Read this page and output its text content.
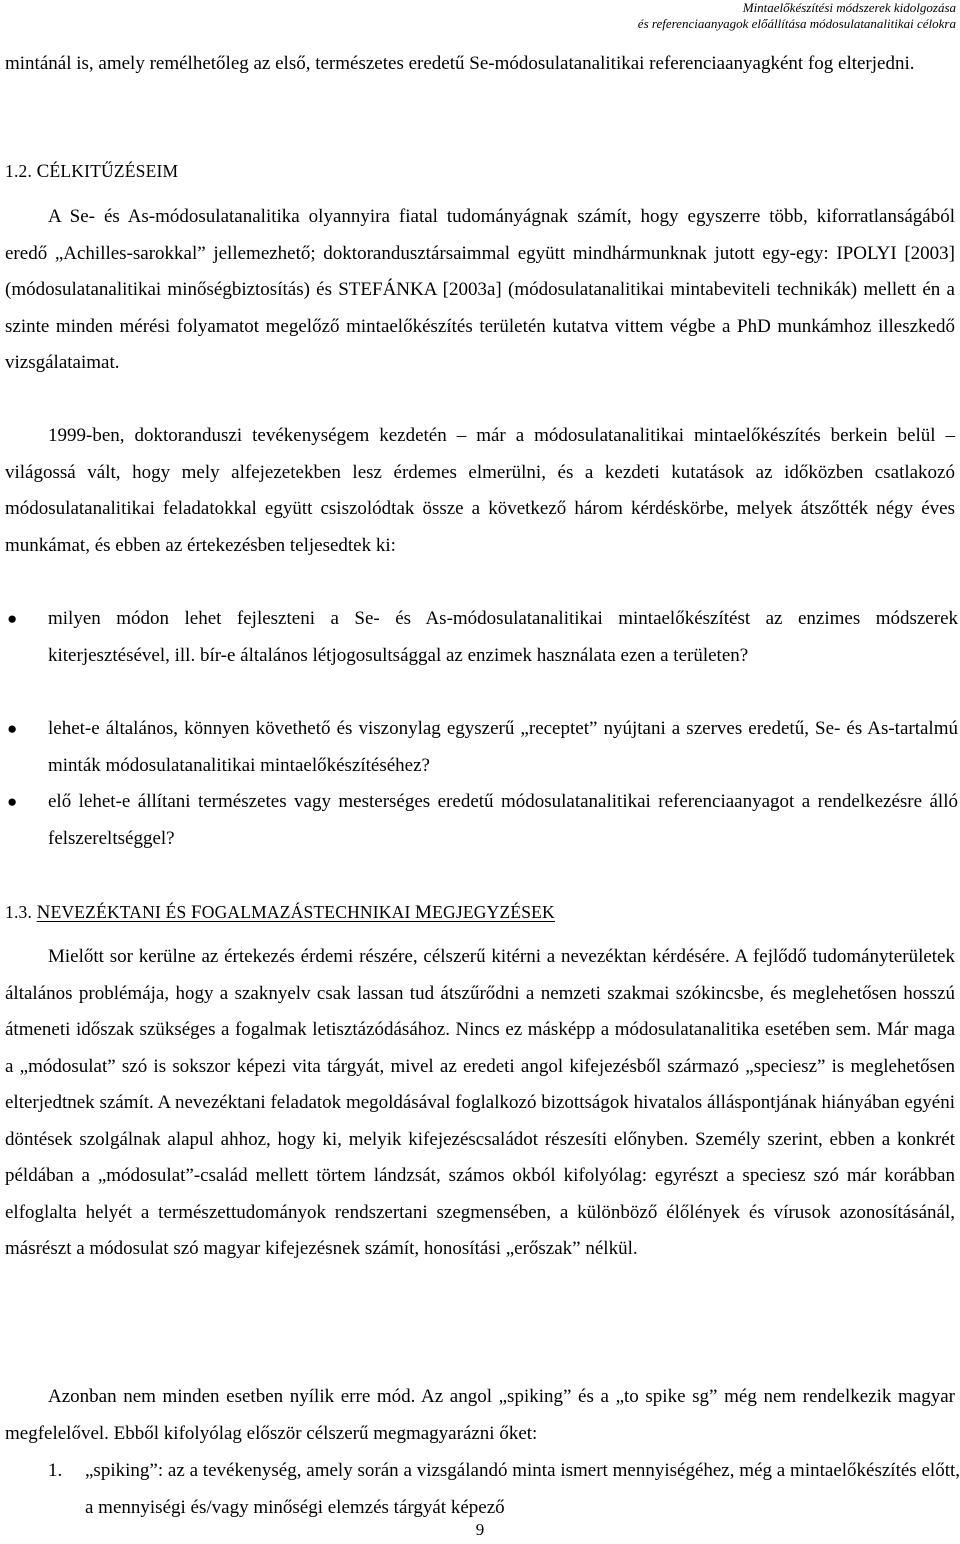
Mintaelőkészítési módszerek kidolgozása
és referenciaanyagok előállítása módosulatanalitikai célokra
mintánál is, amely remélhetőleg az első, természetes eredetű Se-módosulatanalitikai referenciaanyagként fog elterjedni.
1.2. CÉLKITŰZÉSEIM
A Se- és As-módosulatanalitika olyannyira fiatal tudományágnak számít, hogy egyszerre több, kiforratlanságából eredő „Achilles-sarokkal” jellemezhető; doktorandusztársaimmal együtt mindhármunknak jutott egy-egy: IPOLYI [2003] (módosulatanalitikai minőségbiztosítás) és STEFÁNKA [2003a] (módosulatanalitikai mintabeviteli technikák) mellett én a szinte minden mérési folyamatot megelőző mintaelőkészítés területén kutatva vittem végbe a PhD munkámhoz illeszkedő vizsgálataimat.
1999-ben, doktoranduszi tevékenységem kezdetén – már a módosulatanalitikai mintaelőkészítés berkein belül – világossá vált, hogy mely alfejezetekben lesz érdemes elmerülni, és a kezdeti kutatások az időközben csatlakozó módosulatanalitikai feladatokkal együtt csiszolódtak össze a következő három kérdéskörbe, melyek átszőtték négy éves munkámat, és ebben az értekezésben teljesedtek ki:
● milyen módon lehet fejleszteni a Se- és As-módosulatanalitikai mintaelőkészítést az enzimes módszerek kiterjesztésével, ill. bír-e általános létjogosultsággal az enzimek használata ezen a területen?
● lehet-e általános, könnyen követhető és viszonylag egyszerű „receptet” nyújtani a szerves eredetű, Se- és As-tartalmú minták módosulatanalitikai mintaelőkészítéséhez?
● elő lehet-e állítani természetes vagy mesterséges eredetű módosulatanalitikai referenciaanyagot a rendelkezésre álló felszereltséggel?
1.3. NEVEZÉKTANI ÉS FOGALMAZÁSTECHNIKAI MEGJEGYZÉSEK
Mielőtt sor kerülne az értekezés érdemi részére, célszerű kitérni a nevezéktan kérdésére. A fejlődő tudományterületek általános problémája, hogy a szaknyelv csak lassan tud átszűrődni a nemzeti szakmai szókincsbe, és meglehetősen hosszú átmeneti időszak szükséges a fogalmak letisztázódásához. Nincs ez másképp a módosulatanalitika esetében sem. Már maga a „módosulat” szó is sokszor képezi vita tárgyát, mivel az eredeti angol kifejezésből származó „speciesz” is meglehetősen elterjedtnek számít. A nevezéktani feladatok megoldásával foglalkozó bizottságok hivatalos álláspontjának hiányában egyéni döntések szolgálnak alapul ahhoz, hogy ki, melyik kifejezéscsaládot részesíti előnyben. Személy szerint, ebben a konkrét példában a „módosulat”-család mellett törtem lándzsát, számos okból kifolyólag: egyrészt a speciesz szó már korábban elfoglalta helyét a természettudományok rendszertani szegmensében, a különböző élőlények és vírusok azonosításánál, másrészt a módosulat szó magyar kifejezésnek számít, honosítási „erőszak” nélkül.
Azonban nem minden esetben nyílik erre mód. Az angol „spiking” és a „to spike sg” még nem rendelkezik magyar megfelelővel. Ebből kifolyólag először célszerű megmagyarázni őket:
1. „spiking”: az a tevékenység, amely során a vizsgálandó minta ismert mennyiségéhez, még a mintaelőkészítés előtt, a mennyiségi és/vagy minőségi elemzés tárgyát képező
9
